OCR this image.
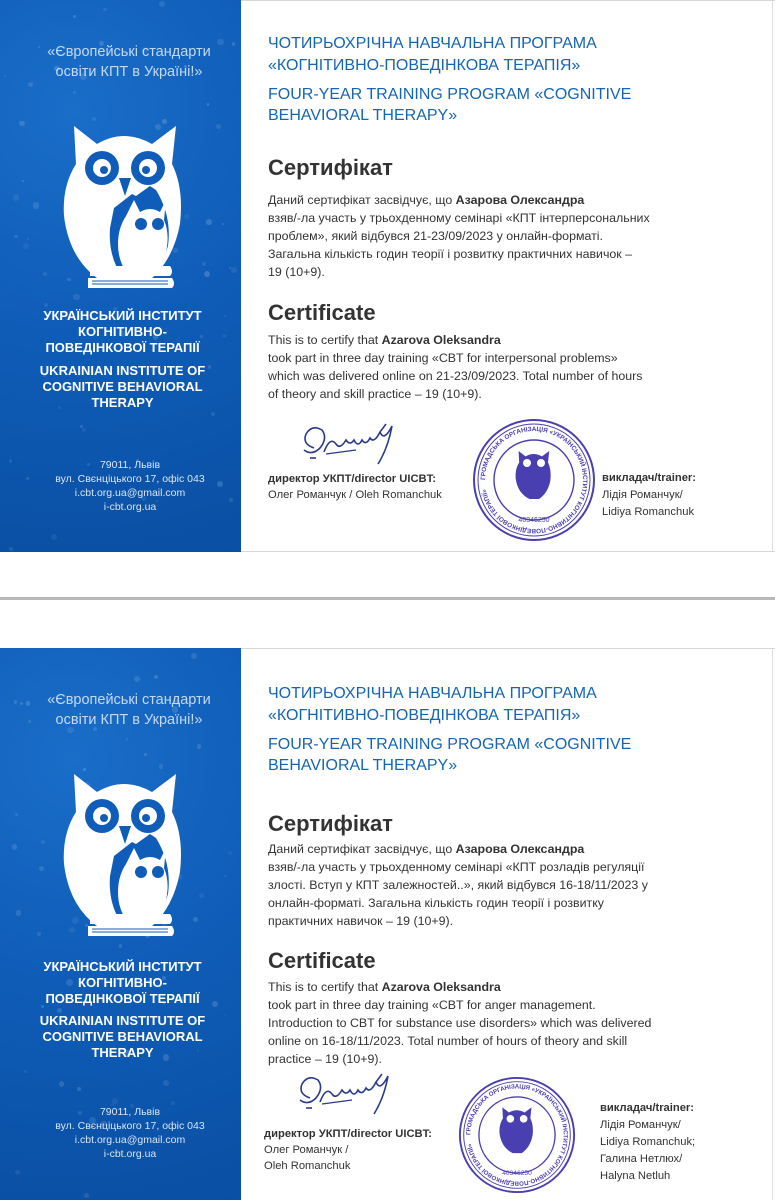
«Європейські стандарти освіти КПТ в Україні!»
УКРАЇНСЬКИЙ ІНСТИТУТ КОГНІТИВНО-ПОВЕДІНКОВОЇ ТЕРАПІЇ
UKRAINIAN INSTITUTE OF COGNITIVE BEHAVIORAL THERAPY
79011, Львів
вул. Свєнціцького 17, офіс 043
i.cbt.org.ua@gmail.com
i-cbt.org.ua
ЧОТИРЬОХРІЧНА НАВЧАЛЬНА ПРОГРАМА
«КОГНІТИВНО-ПОВЕДІНКОВА ТЕРАПІЯ»
FOUR-YEAR TRAINING PROGRAM «COGNITIVE
BEHAVIORAL THERAPY»
Сертифікат
Даний сертифікат засвідчує, що Азарова Олександра
взяв/-ла участь у трьохденному семінарі «КПТ інтерперсональних
проблем», який відбувся 21-23/09/2023 у онлайн-форматі.
Загальна кількість годин теорії і розвитку практичних навичок –
19 (10+9).
Certificate
This is to certify that Azarova Oleksandra
took part in three day training «CBT for interpersonal problems»
which was delivered online on 21-23/09/2023. Total number of hours
of theory and skill practice – 19 (10+9).
директор УКПТ/director UICBT:
Олег Романчук / Oleh Romanchuk
ГРОМАДСЬКА ОРГАНІЗАЦІЯ «УКРАЇНСЬКИЙ ІНСТИТУТ КОГНІТИВНО-ПОВЕДІНКОВОЇ ТЕРАПІЇ»
40346250
викладач/trainer:
Лідія Романчук/
Lidiya Romanchuk
«Європейські стандарти освіти КПТ в Україні!»
УКРАЇНСЬКИЙ ІНСТИТУТ КОГНІТИВНО-ПОВЕДІНКОВОЇ ТЕРАПІЇ
UKRAINIAN INSTITUTE OF COGNITIVE BEHAVIORAL THERAPY
79011, Львів
вул. Свєнціцького 17, офіс 043
i.cbt.org.ua@gmail.com
i-cbt.org.ua
ЧОТИРЬОХРІЧНА НАВЧАЛЬНА ПРОГРАМА
«КОГНІТИВНО-ПОВЕДІНКОВА ТЕРАПІЯ»
FOUR-YEAR TRAINING PROGRAM «COGNITIVE
BEHAVIORAL THERAPY»
Сертифікат
Даний сертифікат засвідчує, що Азарова Олександра
взяв/-ла участь у трьохденному семінарі «КПТ розладів регуляції
злості. Вступ у КПТ залежностей..», який відбувся 16-18/11/2023 у
онлайн-форматі. Загальна кількість годин теорії і розвитку
практичних навичок – 19 (10+9).
Certificate
This is to certify that Azarova Oleksandra
took part in three day training «CBT for anger management.
Introduction to CBT for substance use disorders» which was delivered
online on 16-18/11/2023. Total number of hours of theory and skill
practice – 19 (10+9).
директор УКПТ/director UICBT:
Олег Романчук /
Oleh Romanchuk
ГРОМАДСЬКА ОРГАНІЗАЦІЯ «УКРАЇНСЬКИЙ ІНСТИТУТ КОГНІТИВНО-ПОВЕДІНКОВОЇ ТЕРАПІЇ»
40346250
викладач/trainer:
Лідія Романчук/
Lidiya Romanchuk;
Галина Нетлюх/
Halyna Netluh
